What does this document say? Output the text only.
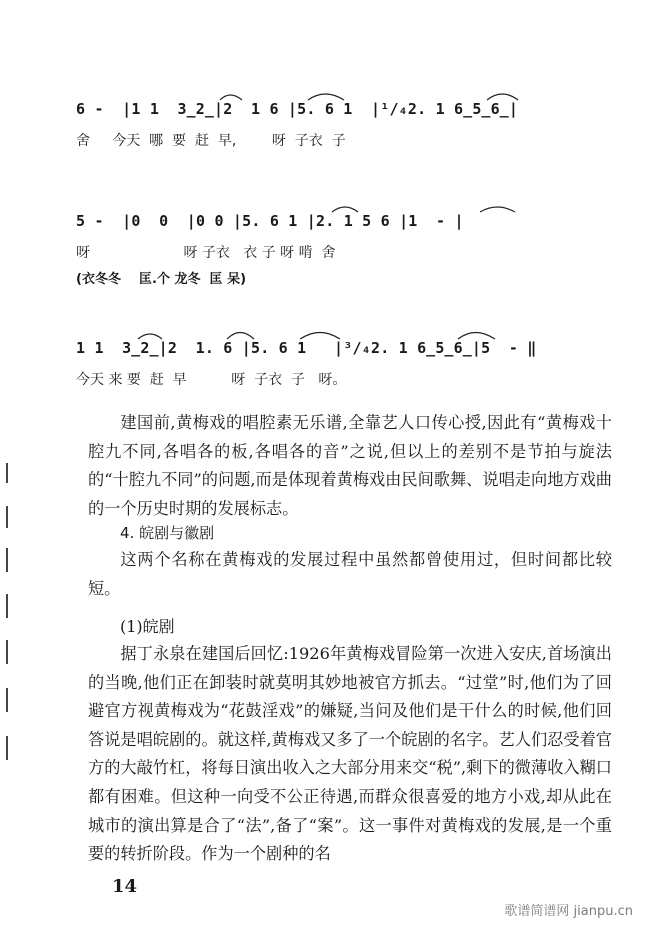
6 -  |1 1  3̲2̲|2  1 6 |5. 6 1  |¹/₄2. 1 6̲5̲6̲|
舍     今天  哪  要  赶  早,        呀  子衣  子
5 -  |0  0  |0 0 |5. 6 1 |2. 1 5 6 |1  - |
呀                     呀 子衣   衣 子 呀 啃  舍
(衣冬冬    匡.个 龙冬  匡 呆)
1 1  3̲2̲|2  1. 6 |5. 6 1   |³/₄2. 1 6̲5̲6̲|5  - ‖
今天 来 要  赶  早          呀  子衣  子   呀。

建国前,黄梅戏的唱腔素无乐谱,全靠艺人口传心授,因此有“黄梅戏十腔九不同,各唱各的板,各唱各的音”之说,但以上的差别不是节拍与旋法的“十腔九不同”的问题,而是体现着黄梅戏由民间歌舞、说唱走向地方戏曲的一个历史时期的发展标志。

4. 皖剧与徽剧

这两个名称在黄梅戏的发展过程中虽然都曾使用过，但时间都比较短。

(1)皖剧

据丁永泉在建国后回忆:1926年黄梅戏冒险第一次进入安庆,首场演出的当晚,他们正在卸装时就莫明其妙地被官方抓去。“过堂”时,他们为了回避官方视黄梅戏为“花鼓淫戏”的嫌疑,当问及他们是干什么的时候,他们回答说是唱皖剧的。就这样,黄梅戏又多了一个皖剧的名字。艺人们忍受着官方的大敲竹杠，将每日演出收入之大部分用来交“税”,剩下的微薄收入糊口都有困难。但这种一向受不公正待遇,而群众很喜爱的地方小戏,却从此在城市的演出算是合了“法”,备了“案”。这一事件对黄梅戏的发展,是一个重要的转折阶段。作为一个剧种的名

14
歌谱简谱网 jianpu.cn
